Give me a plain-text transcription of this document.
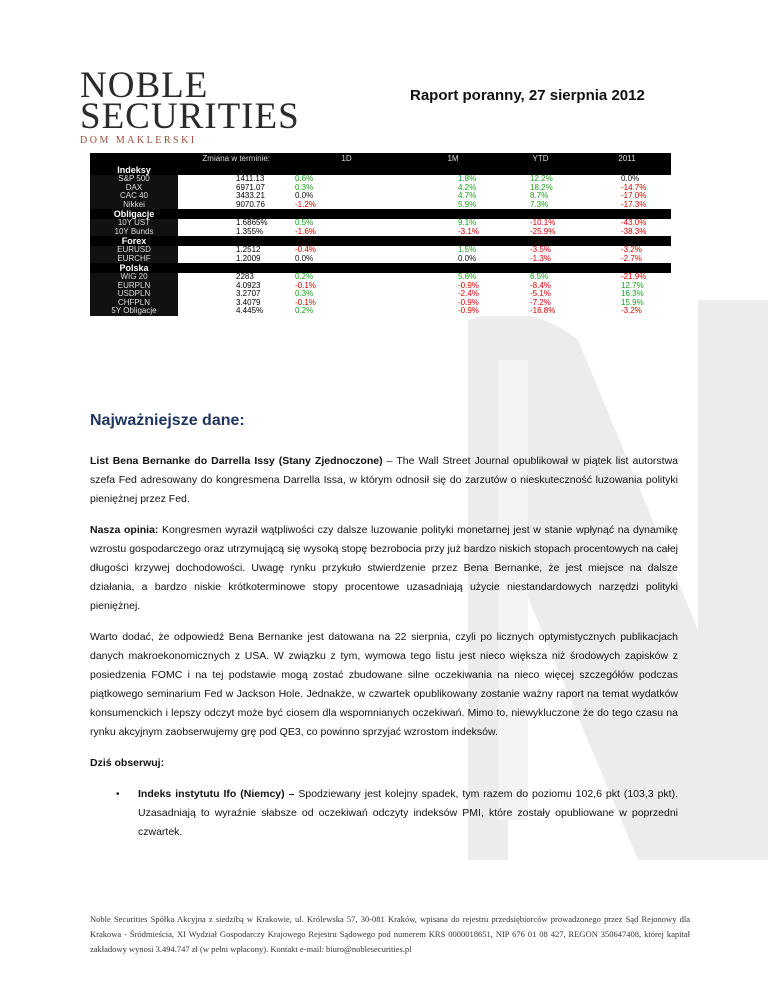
NOBLE
SECURITIES
DOM MAKLERSKI
Raport poranny, 27 sierpnia 2012
Zmiana w terminie:			1D	1M	YTD	2011
Indeksy						
S&P 500		1411.13	0.6%	1.8%	12.2%	0.0%
DAX		6971.07	0.3%	4.2%	18.2%	-14.7%
CAC 40		3433.21	0.0%	4.7%	8.7%	-17.0%
Nikkei		9070.76	-1.2%	5.9%	7.3%	-17.3%
Obligacje						
10Y UST		1.6865%	0.5%	9.1%	-10.1%	-43.0%
10Y Bunds		1.355%	-1.6%	-3.1%	-25.9%	-38.3%
Forex						
EURUSD		1.2512	-0.4%	1.5%	-3.5%	-3.2%
EURCHF		1.2009	0.0%	0.0%	-1.3%	-2.7%
Polska						
WIG 20		2283	0.2%	5.6%	6.5%	-21.9%
EURPLN		4.0923	-0.1%	-0.9%	-8.4%	12.7%
USDPLN		3.2707	0.3%	-2.4%	-5.1%	16.3%
CHFPLN		3.4079	-0.1%	-0.9%	-7.2%	15.9%
5Y Obligacje		4.445%	0.2%	-0.9%	-16.8%	-3.2%
Najważniejsze dane:

List Bena Bernanke do Darrella Issy (Stany Zjednoczone) – The Wall Street Journal opublikował w piątek list autorstwa szefa Fed adresowany do kongresmena Darrella Issa, w którym odnosił się do zarzutów o nieskuteczność luzowania polityki pieniężnej przez Fed.

Nasza opinia: Kongresmen wyraził wątpliwości czy dalsze luzowanie polityki monetarnej jest w stanie wpłynąć na dynamikę wzrostu gospodarczego oraz utrzymującą się wysoką stopę bezrobocia przy już bardzo niskich stopach procentowych na całej długości krzywej dochodowości. Uwagę rynku przykuło stwierdzenie przez Bena Bernanke, że jest miejsce na dalsze działania, a bardzo niskie krótkoterminowe stopy procentowe uzasadniają użycie niestandardowych narzędzi polityki pieniężnej.

Warto dodać, że odpowiedź Bena Bernanke jest datowana na 22 sierpnia, czyli po licznych optymistycznych publikacjach danych makroekonomicznych z USA. W związku z tym, wymowa tego listu jest nieco większa niż środowych zapisków z posiedzenia FOMC i na tej podstawie mogą zostać zbudowane silne oczekiwania na nieco więcej szczegółów podczas piątkowego seminarium Fed w Jackson Hole. Jednakże, w czwartek opublikowany zostanie ważny raport na temat wydatków konsumenckich i lepszy odczyt może być ciosem dla wspomnianych oczekiwań. Mimo to, niewykluczone że do tego czasu na rynku akcyjnym zaobserwujemy grę pod QE3, co powinno sprzyjać wzrostom indeksów.

Dziś obserwuj:

•	Indeks instytutu Ifo (Niemcy) – Spodziewany jest kolejny spadek, tym razem do poziomu 102,6 pkt (103,3 pkt). Uzasadniają to wyraźnie słabsze od oczekiwań odczyty indeksów PMI, które zostały opubliowane w poprzedni czwartek.
Noble Securities Spółka Akcyjna z siedzibą w Krakowie, ul. Królewska 57, 30-081 Kraków, wpisana do rejestru przedsiębiorców prowadzonego przez Sąd Rejonowy dla Krakowa - Śródmieścia, XI Wydział Gospodarczy Krajowego Rejestru Sądowego pod numerem KRS 0000018651, NIP 676 01 08 427, REGON 350647408, której kapitał zakładowy wynosi 3.494.747 zł (w pełni wpłacony). Kontakt e-mail: biuro@noblesecurities.pl
